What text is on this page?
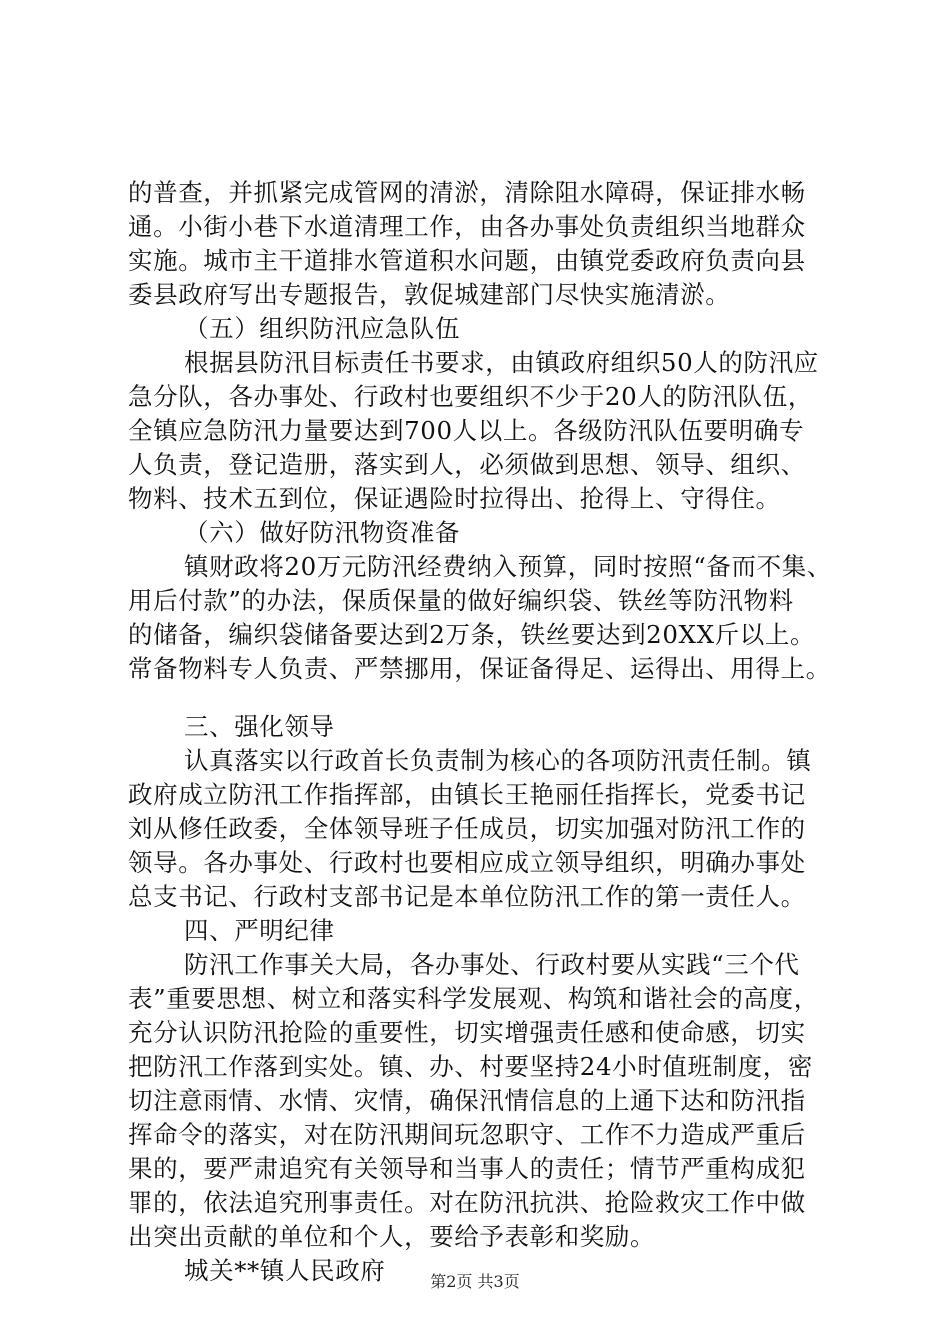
的普查，并抓紧完成管网的清淤，清除阻水障碍，保证排水畅
通。小街小巷下水道清理工作，由各办事处负责组织当地群众
实施。城市主干道排水管道积水问题，由镇党委政府负责向县
委县政府写出专题报告，敦促城建部门尽快实施清淤。
（五）组织防汛应急队伍
根据县防汛目标责任书要求，由镇政府组织50人的防汛应
急分队，各办事处、行政村也要组织不少于20人的防汛队伍，
全镇应急防汛力量要达到700人以上。各级防汛队伍要明确专
人负责，登记造册，落实到人，必须做到思想、领导、组织、
物料、技术五到位，保证遇险时拉得出、抢得上、守得住。
（六）做好防汛物资准备
镇财政将20万元防汛经费纳入预算，同时按照“备而不集、
用后付款”的办法，保质保量的做好编织袋、铁丝等防汛物料
的储备，编织袋储备要达到2万条，铁丝要达到20XX斤以上。
常备物料专人负责、严禁挪用，保证备得足、运得出、用得上。
三、强化领导
认真落实以行政首长负责制为核心的各项防汛责任制。镇
政府成立防汛工作指挥部，由镇长王艳丽任指挥长，党委书记
刘从修任政委，全体领导班子任成员，切实加强对防汛工作的
领导。各办事处、行政村也要相应成立领导组织，明确办事处
总支书记、行政村支部书记是本单位防汛工作的第一责任人。
四、严明纪律
防汛工作事关大局，各办事处、行政村要从实践“三个代
表”重要思想、树立和落实科学发展观、构筑和谐社会的高度，
充分认识防汛抢险的重要性，切实增强责任感和使命感，切实
把防汛工作落到实处。镇、办、村要坚持24小时值班制度，密
切注意雨情、水情、灾情，确保汛情信息的上通下达和防汛指
挥命令的落实，对在防汛期间玩忽职守、工作不力造成严重后
果的，要严肃追究有关领导和当事人的责任；情节严重构成犯
罪的，依法追究刑事责任。对在防汛抗洪、抢险救灾工作中做
出突出贡献的单位和个人，要给予表彰和奖励。
城关**镇人民政府	第2页 共3页
